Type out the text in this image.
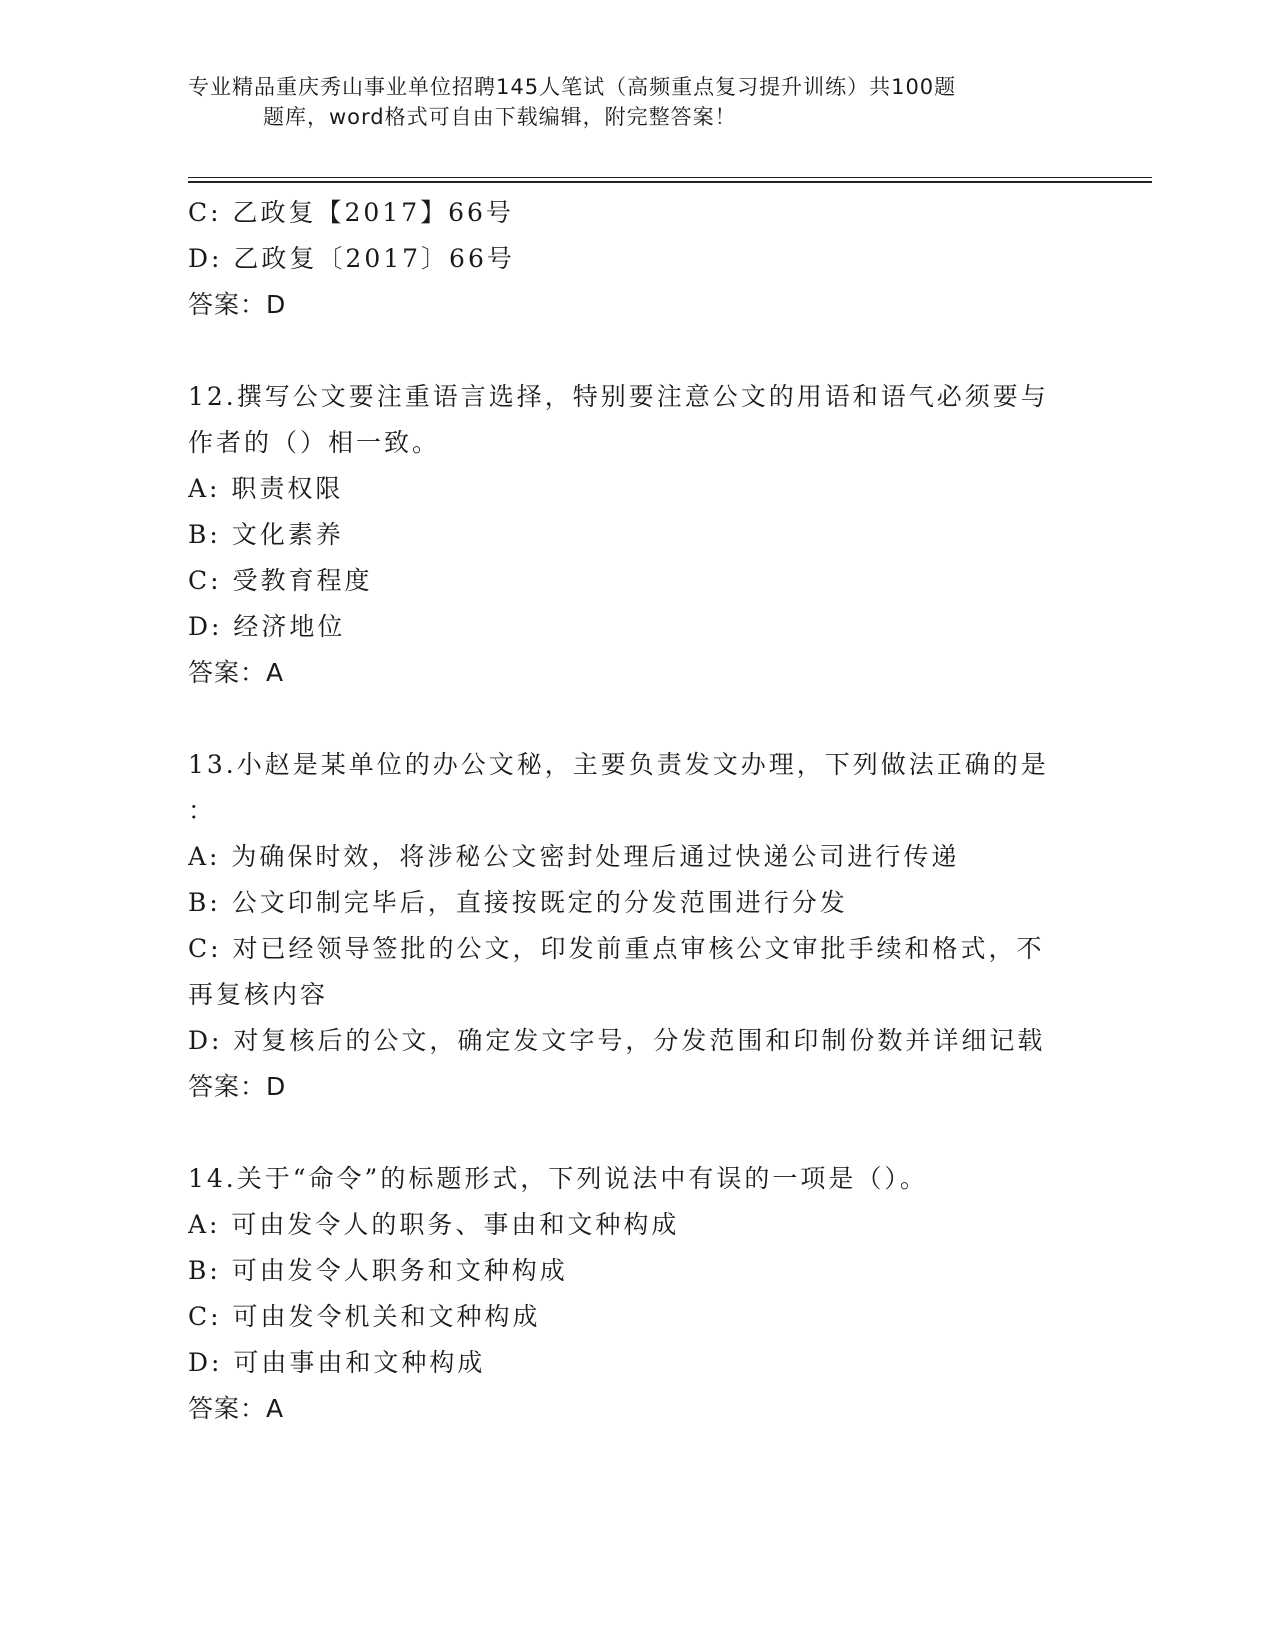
专业精品重庆秀山事业单位招聘145人笔试（高频重点复习提升训练）共100题
题库，word格式可自由下载编辑，附完整答案！
C: 乙政复【2017】66号
D: 乙政复〔2017〕66号
答案：D
12.撰写公文要注重语言选择，特别要注意公文的用语和语气必须要与
作者的（）相一致。
A: 职责权限
B: 文化素养
C: 受教育程度
D: 经济地位
答案：A
13.小赵是某单位的办公文秘，主要负责发文办理，下列做法正确的是
：
A: 为确保时效，将涉秘公文密封处理后通过快递公司进行传递
B: 公文印制完毕后，直接按既定的分发范围进行分发
C: 对已经领导签批的公文，印发前重点审核公文审批手续和格式，不
再复核内容
D: 对复核后的公文，确定发文字号，分发范围和印制份数并详细记载
答案：D
14.关于“命令”的标题形式，下列说法中有误的一项是（）。
A: 可由发令人的职务、事由和文种构成
B: 可由发令人职务和文种构成
C: 可由发令机关和文种构成
D: 可由事由和文种构成
答案：A
